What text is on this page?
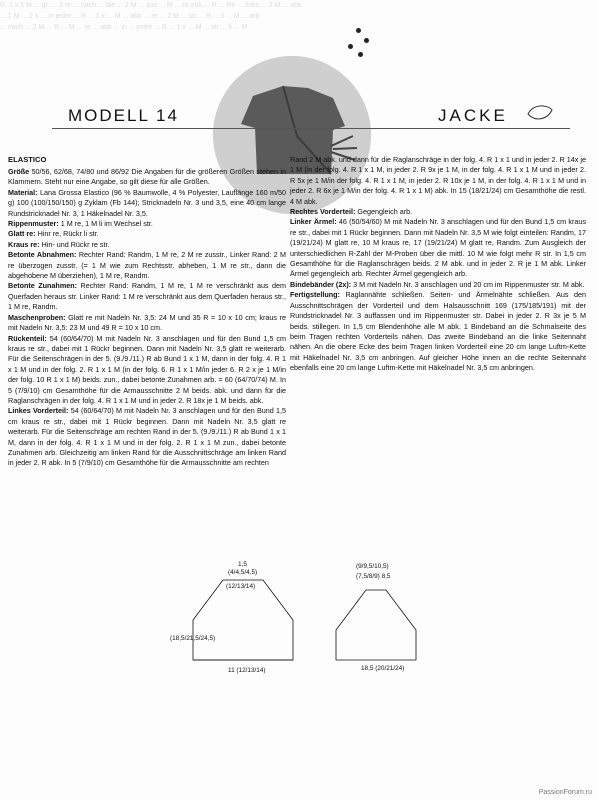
R. 1 x 1 M ... gr. ... 2 re ... nach ... die ... 2 M ... zus ... M ... re abk ... R ... Re ... links ... 2 M ... abk

... 1 M ... 2 x ... in jeder ... R ... 1 x ... M ... abk ... re ... 2 M ... str ... R ... li ... M ... arb

... nach ... 2 M ... R ... M ... re ... abk ... in ... jeder ... R ... 1 x ... M ... str ... li ... M

MODELL 14	JACKE
ELASTICO

Größe 50/56, 62/68, 74/80 und 86/92 Die Angaben für die größeren Größen stehen in Klammern. Steht nur eine Angabe, so gilt diese für alle Größen.

Material: Lana Grossa Elastico (96 % Baumwolle, 4 % Polyester, Lauflänge 160 m/50 g) 100 (100/150/150) g Zyklam (Fb 144); Stricknadeln Nr. 3 und 3,5, eine 40 cm lange Rundstricknadel Nr. 3, 1 Häkelnadel Nr. 3,5.

Rippenmuster: 1 M re, 1 M li im Wechsel str.

Glatt re: Hinr re, Rückr li str.

Kraus re: Hin- und Rückr re str.

Betonte Abnahmen: Rechter Rand: Randm, 1 M re, 2 M re zusstr., Linker Rand: 2 M re überzogen zusstr. (= 1 M wie zum Rechtsstr. abheben, 1 M re str., dann die abgehobene M überziehen), 1 M re, Randm.

Betonte Zunahmen: Rechter Rand: Randm, 1 M re, 1 M re verschränkt aus dem Querfaden heraus str. Linker Rand: 1 M re verschränkt aus dem Querfaden heraus str., 1 M re, Randm.

Maschenproben: Glatt re mit Nadeln Nr. 3,5: 24 M und 35 R = 10 x 10 cm; kraus re mit Nadeln Nr. 3,5: 23 M und 49 R = 10 x 10 cm.

Rückenteil: 54 (60/64/70) M mit Nadeln Nr. 3 anschlagen und für den Bund 1,5 cm kraus re str., dabei mit 1 Rückr beginnen. Dann mit Nadeln Nr. 3,5 glatt re weiterarb. Für die Seitenschrägen in der 5. (9./9./11.) R ab Bund 1 x 1 M, dann in der folg. 4. R 1 x 1 M und in der folg. 2. R 1 x 1 M (in der folg. 6. R 1 x 1 M/in jeder 6. R 2 x je 1 M/in der folg. 10 R 1 x 1 M) beids. zun., dabei betonte Zunahmen arb. = 60 (64/70/74) M. In 5 (7/9/10) cm Gesamthöhe für die Armausschnitte 2 M beids. abk. und dann für die Raglanschrägen in der folg. 4. R 1 x 1 M und in jeder 2. R 18x je 1 M beids. abk.

Linkes Vorderteil: 54 (60/64/70) M mit Nadeln Nr. 3 anschlagen und für den Bund 1,5 cm kraus re str., dabei mit 1 Rückr beginnen. Dann mit Nadeln Nr. 3,5 glatt re weiterarb. Für die Seitenschräge am rechten Rand in der 5. (9./9./11.) R ab Bund 1 x 1 M, dann in der folg. 4. R 1 x 1 M und in der folg. 2. R 1 x 1 M zun., dabei betonte Zunahmen arb. Gleichzeitig am linken Rand für die Ausschnittschräge am linken Rand in jeder 2. R abk. In 5 (7/9/10) cm Gesamthöhe für die Armausschnitte am rechten

Rand 2 M abk. und dann für die Raglanschräge in der folg. 4. R 1 x 1 und in jeder 2. R 14x je 1 M (in der folg. 4. R 1 x 1 M, in jeder 2. R 9x je 1 M, in der folg. 4. R 1 x 1 M und in jeder 2. R 5x je 1 M/in der folg. 4. R 1 x 1 M, in jeder 2. R 10x je 1 M, in der folg. 4. R 1 x 1 M und in jeder 2. R 6x je 1 M/in der folg. 4. R 1 x 1 M) abk. In 15 (18/21/24) cm Gesamthöhe die restl. 4 M abk.

Rechtes Vorderteil: Gegengleich arb.

Linker Ärmel: 46 (50/54/60) M mit Nadeln Nr. 3 anschlagen und für den Bund 1,5 cm kraus re str., dabei mit 1 Rückr beginnen. Dann mit Nadeln Nr. 3,5 M wie folgt einteilen: Randm, 17 (19/21/24) M glatt re, 10 M kraus re, 17 (19/21/24) M glatt re, Randm. Zum Ausgleich der unterschiedlichen R-Zahl der M-Proben über die mittl. 10 M wie folgt mehr R str. In 1,5 cm Gesamthöhe für die Raglanschrägen beids. 2 M abk. und in jeder 2. R je 1 M abk. Linker Ärmel gegengleich arb. Rechter Ärmel gegengleich arb.

Bindebänder (2x): 3 M mit Nadeln Nr. 3 anschlagen und 20 cm im Rippenmuster str. M abk.

Fertigstellung: Raglannähte schließen. Seiten- und Ärmelnähte schließen. Aus den Ausschnittschrägen der Vorderteil und dem Halsausschnitt 169 (175/185/191) mit der Rundstricknadel Nr. 3 auffassen und im Rippenmuster str. Dabei in jeder 2. R 3x je 5 M beids. stillegen. In 1,5 cm Blendenhöhe alle M abk. 1 Bindeband an die Schmalseite des beim Tragen rechten Vorderteils nähen. Das zweite Bindeband an die linke Seitennaht nähen. An die obere Ecke des beim Tragen linken Vorderteil eine 20 cm lange Luftm-Kette mit Häkelnadel Nr. 3,5 cm anbringen. Auf gleicher Höhe innen an die rechte Seitennaht ebenfalls eine 20 cm lange Luftm-Kette mit Häkelnadel Nr. 3,5 cm anbringen.

1,5
(4/4,5/4,5)
(12/13/14)
11 (12/13/14)
(18,5/21,5/24,5)
(9/9,5/10,5)
(7,5/8/9) 8,5
18,5 (20/21/24)
PassionForum.ru
